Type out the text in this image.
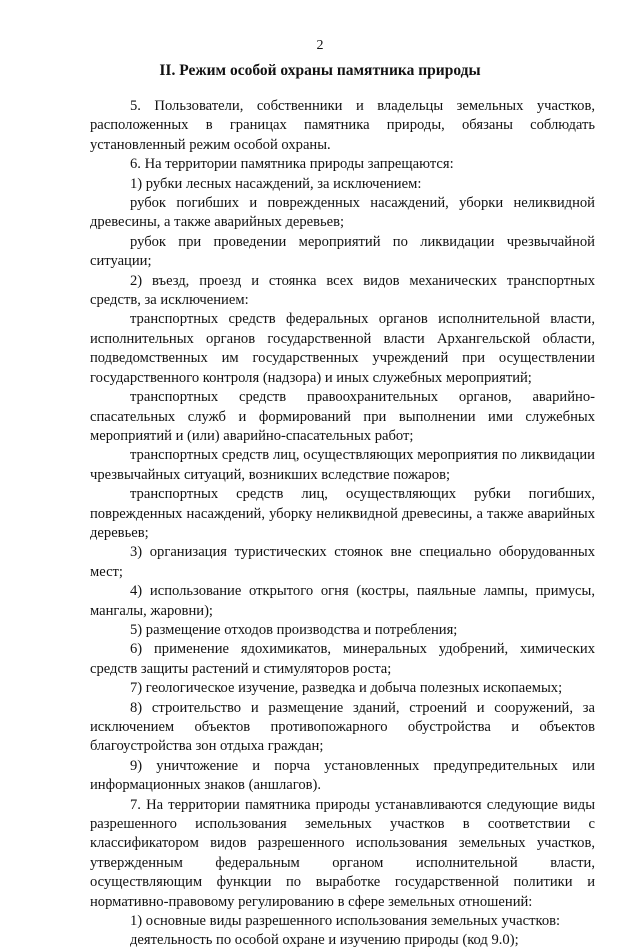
2
II. Режим особой охраны памятника природы

5. Пользователи, собственники и владельцы земельных участков, расположенных в границах памятника природы, обязаны соблюдать установленный режим особой охраны.

6. На территории памятника природы запрещаются:

1) рубки лесных насаждений, за исключением:

рубок погибших и поврежденных насаждений, уборки неликвидной древесины, а также аварийных деревьев;

рубок при проведении мероприятий по ликвидации чрезвычайной ситуации;

2) въезд, проезд и стоянка всех видов механических транспортных средств, за исключением:

транспортных средств федеральных органов исполнительной власти, исполнительных органов государственной власти Архангельской области, подведомственных им государственных учреждений при осуществлении государственного контроля (надзора) и иных служебных мероприятий;

транспортных средств правоохранительных органов, аварийно-спасательных служб и формирований при выполнении ими служебных мероприятий и (или) аварийно-спасательных работ;

транспортных средств лиц, осуществляющих мероприятия по ликвидации чрезвычайных ситуаций, возникших вследствие пожаров;

транспортных средств лиц, осуществляющих рубки погибших, поврежденных насаждений, уборку неликвидной древесины, а также аварийных деревьев;

3) организация туристических стоянок вне специально оборудованных мест;

4) использование открытого огня (костры, паяльные лампы, примусы, мангалы, жаровни);

5) размещение отходов производства и потребления;

6) применение ядохимикатов, минеральных удобрений, химических средств защиты растений и стимуляторов роста;

7) геологическое изучение, разведка и добыча полезных ископаемых;

8) строительство и размещение зданий, строений и сооружений, за исключением объектов противопожарного обустройства и объектов благоустройства зон отдыха граждан;

9) уничтожение и порча установленных предупредительных или информационных знаков (аншлагов).

7. На территории памятника природы устанавливаются следующие виды разрешенного использования земельных участков в соответствии с классификатором видов разрешенного использования земельных участков, утвержденным федеральным органом исполнительной власти, осуществляющим функции по выработке государственной политики и нормативно-правовому регулированию в сфере земельных отношений:

1) основные виды разрешенного использования земельных участков:

деятельность по особой охране и изучению природы (код 9.0);
